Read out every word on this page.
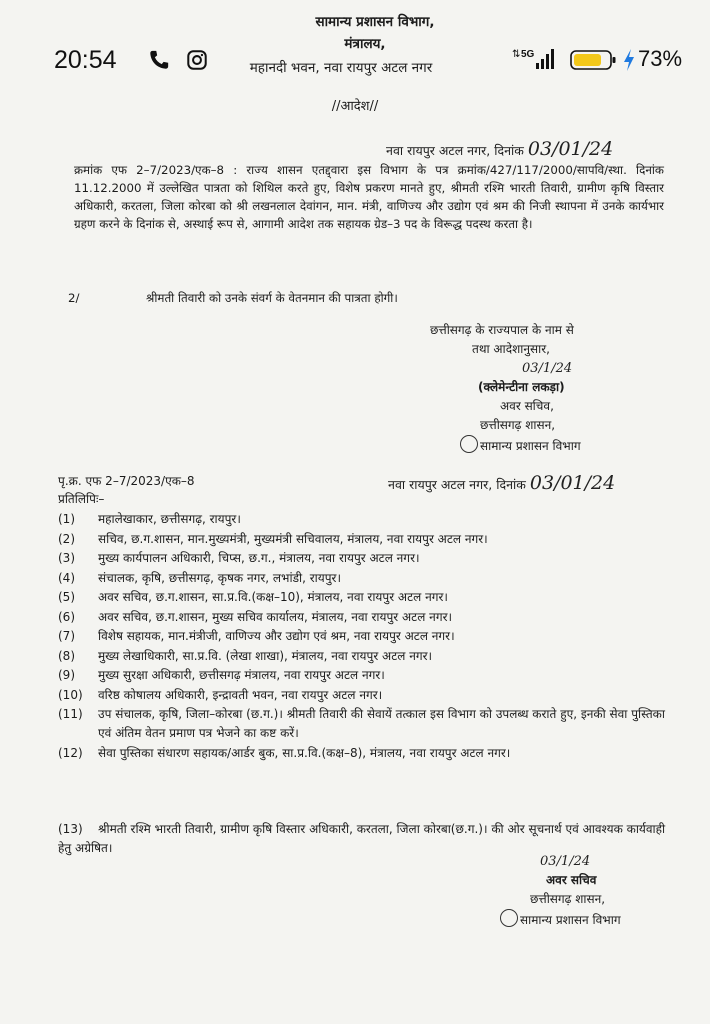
20:54	⇅ 5G	73%
सामान्य प्रशासन विभाग,
मंत्रालय,
महानदी भवन, नवा रायपुर अटल नगर
//आदेश//
नवा रायपुर अटल नगर, दिनांक 03/01/24
क्रमांक एफ 2–7/2023/एक–8 : राज्य शासन एतद्द्वारा इस विभाग के पत्र क्रमांक/427/117/2000/सापवि/स्था. दिनांक 11.12.2000 में उल्लेखित पात्रता को शिथिल करते हुए, विशेष प्रकरण मानते हुए, श्रीमती रश्मि भारती तिवारी, ग्रामीण कृषि विस्तार अधिकारी, करतला, जिला कोरबा को श्री लखनलाल देवांगन, मान. मंत्री, वाणिज्य और उद्योग एवं श्रम की निजी स्थापना में उनके कार्यभार ग्रहण करने के दिनांक से, अस्थाई रूप से, आगामी आदेश तक सहायक ग्रेड–3 पद के विरूद्ध पदस्थ करता है।
2/	श्रीमती तिवारी को उनके संवर्ग के वेतनमान की पात्रता होगी।
छत्तीसगढ़ के राज्यपाल के नाम से
तथा आदेशानुसार,
03/1/24
(क्लेमेन्टीना लकड़ा)
अवर सचिव,
छत्तीसगढ़ शासन,
सामान्य प्रशासन विभाग
पृ.क्र. एफ 2–7/2023/एक–8	नवा रायपुर अटल नगर, दिनांक 03/01/24
प्रतिलिपिः–
(1)	महालेखाकार, छत्तीसगढ़, रायपुर।
(2)	सचिव, छ.ग.शासन, मान.मुख्यमंत्री, मुख्यमंत्री सचिवालय, मंत्रालय, नवा रायपुर अटल नगर।
(3)	मुख्य कार्यपालन अधिकारी, चिप्स, छ.ग., मंत्रालय, नवा रायपुर अटल नगर।
(4)	संचालक, कृषि, छत्तीसगढ़, कृषक नगर, लभांडी, रायपुर।
(5)	अवर सचिव, छ.ग.शासन, सा.प्र.वि.(कक्ष–10), मंत्रालय, नवा रायपुर अटल नगर।
(6)	अवर सचिव, छ.ग.शासन, मुख्य सचिव कार्यालय, मंत्रालय, नवा रायपुर अटल नगर।
(7)	विशेष सहायक, मान.मंत्रीजी, वाणिज्य और उद्योग एवं श्रम, नवा रायपुर अटल नगर।
(8)	मुख्य लेखाधिकारी, सा.प्र.वि. (लेखा शाखा), मंत्रालय, नवा रायपुर अटल नगर।
(9)	मुख्य सुरक्षा अधिकारी, छत्तीसगढ़ मंत्रालय, नवा रायपुर अटल नगर।
(10)	वरिष्ठ कोषालय अधिकारी, इन्द्रावती भवन, नवा रायपुर अटल नगर।
(11)	उप संचालक, कृषि, जिला–कोरबा (छ.ग.)। श्रीमती तिवारी की सेवायें तत्काल इस विभाग को उपलब्ध कराते हुए, इनकी सेवा पुस्तिका एवं अंतिम वेतन प्रमाण पत्र भेजने का कष्ट करें।
(12)	सेवा पुस्तिका संधारण सहायक/आर्डर बुक, सा.प्र.वि.(कक्ष–8), मंत्रालय, नवा रायपुर अटल नगर।
(13) श्रीमती रश्मि भारती तिवारी, ग्रामीण कृषि विस्तार अधिकारी, करतला, जिला कोरबा(छ.ग.)। की ओर सूचनार्थ एवं आवश्यक कार्यवाही हेतु अग्रेषित।
03/1/24
अवर सचिव
छत्तीसगढ़ शासन,
सामान्य प्रशासन विभाग
